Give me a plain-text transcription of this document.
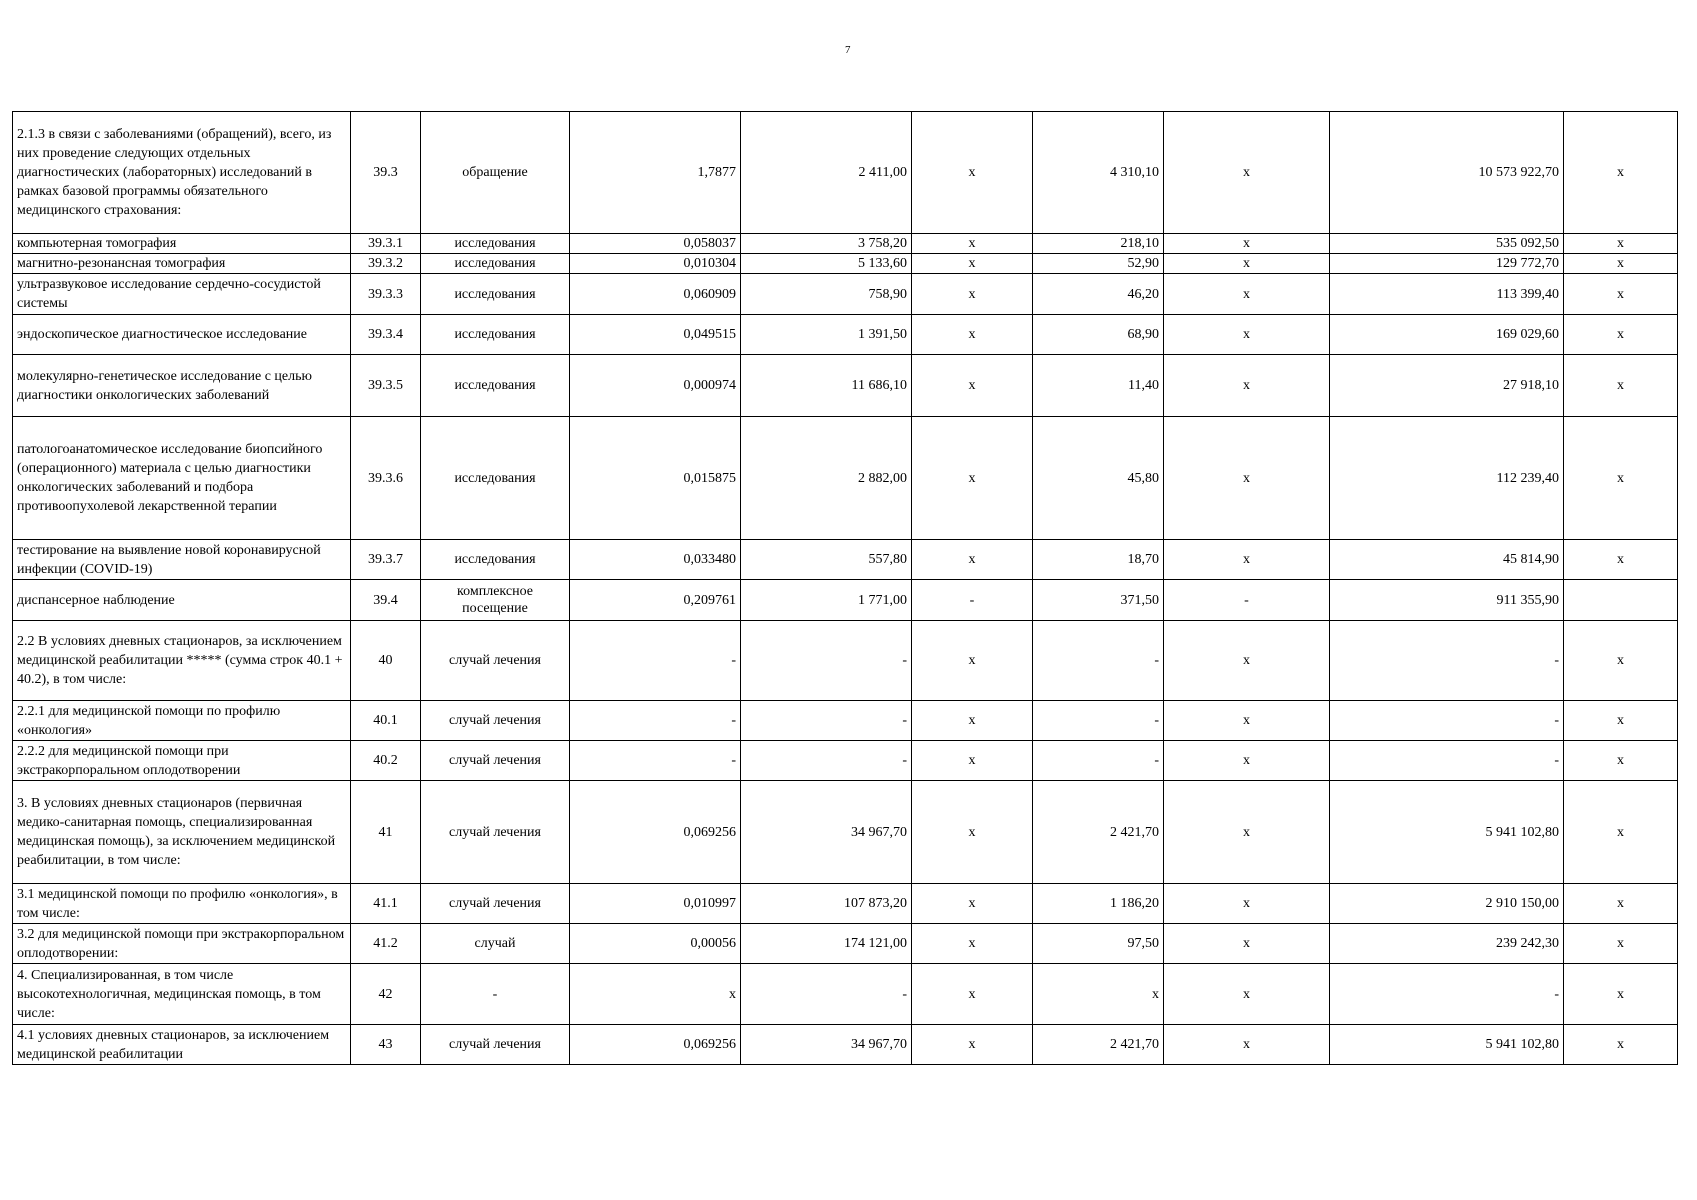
7
2.1.3 в связи с заболеваниями (обращений), всего, из них проведение следующих отдельных диагностических (лабораторных) исследований в рамках базовой программы обязательного медицинского страхования:	39.3	обращение	1,7877	2 411,00	x	4 310,10	x	10 573 922,70	x
компьютерная томография	39.3.1	исследования	0,058037	3 758,20	x	218,10	x	535 092,50	x
магнитно-резонансная томография	39.3.2	исследования	0,010304	5 133,60	x	52,90	x	129 772,70	x
ультразвуковое исследование сердечно-сосудистой системы	39.3.3	исследования	0,060909	758,90	x	46,20	x	113 399,40	x
эндоскопическое диагностическое исследование	39.3.4	исследования	0,049515	1 391,50	x	68,90	x	169 029,60	x
молекулярно-генетическое исследование с целью диагностики онкологических заболеваний	39.3.5	исследования	0,000974	11 686,10	x	11,40	x	27 918,10	x
патологоанатомическое исследование биопсийного (операционного) материала с целью диагностики онкологических заболеваний и подбора противоопухолевой лекарственной терапии	39.3.6	исследования	0,015875	2 882,00	x	45,80	x	112 239,40	x
тестирование на выявление новой коронавирусной инфекции (COVID-19)	39.3.7	исследования	0,033480	557,80	x	18,70	x	45 814,90	x
диспансерное наблюдение	39.4	комплексное посещение	0,209761	1 771,00	-	371,50	-	911 355,90	
2.2 В условиях дневных стационаров, за исключением медицинской реабилитации ***** (сумма строк 40.1 + 40.2), в том числе:	40	случай лечения	-	-	x	-	x	-	x
2.2.1 для медицинской помощи по профилю «онкология»	40.1	случай лечения	-	-	x	-	x	-	x
2.2.2 для медицинской помощи при экстракорпоральном оплодотворении	40.2	случай лечения	-	-	x	-	x	-	x
3. В условиях дневных стационаров (первичная медико-санитарная помощь, специализированная медицинская помощь), за исключением медицинской реабилитации, в том числе:	41	случай лечения	0,069256	34 967,70	x	2 421,70	x	5 941 102,80	x
3.1 медицинской помощи по профилю «онкология», в том числе:	41.1	случай лечения	0,010997	107 873,20	x	1 186,20	x	2 910 150,00	x
3.2 для медицинской помощи при экстракорпоральном оплодотворении:	41.2	случай	0,00056	174 121,00	x	97,50	x	239 242,30	x
4. Специализированная, в том числе высокотехнологичная, медицинская помощь, в том числе:	42	-	x	-	x	x	x	-	x
4.1 условиях дневных стационаров, за исключением медицинской реабилитации	43	случай лечения	0,069256	34 967,70	x	2 421,70	x	5 941 102,80	x
